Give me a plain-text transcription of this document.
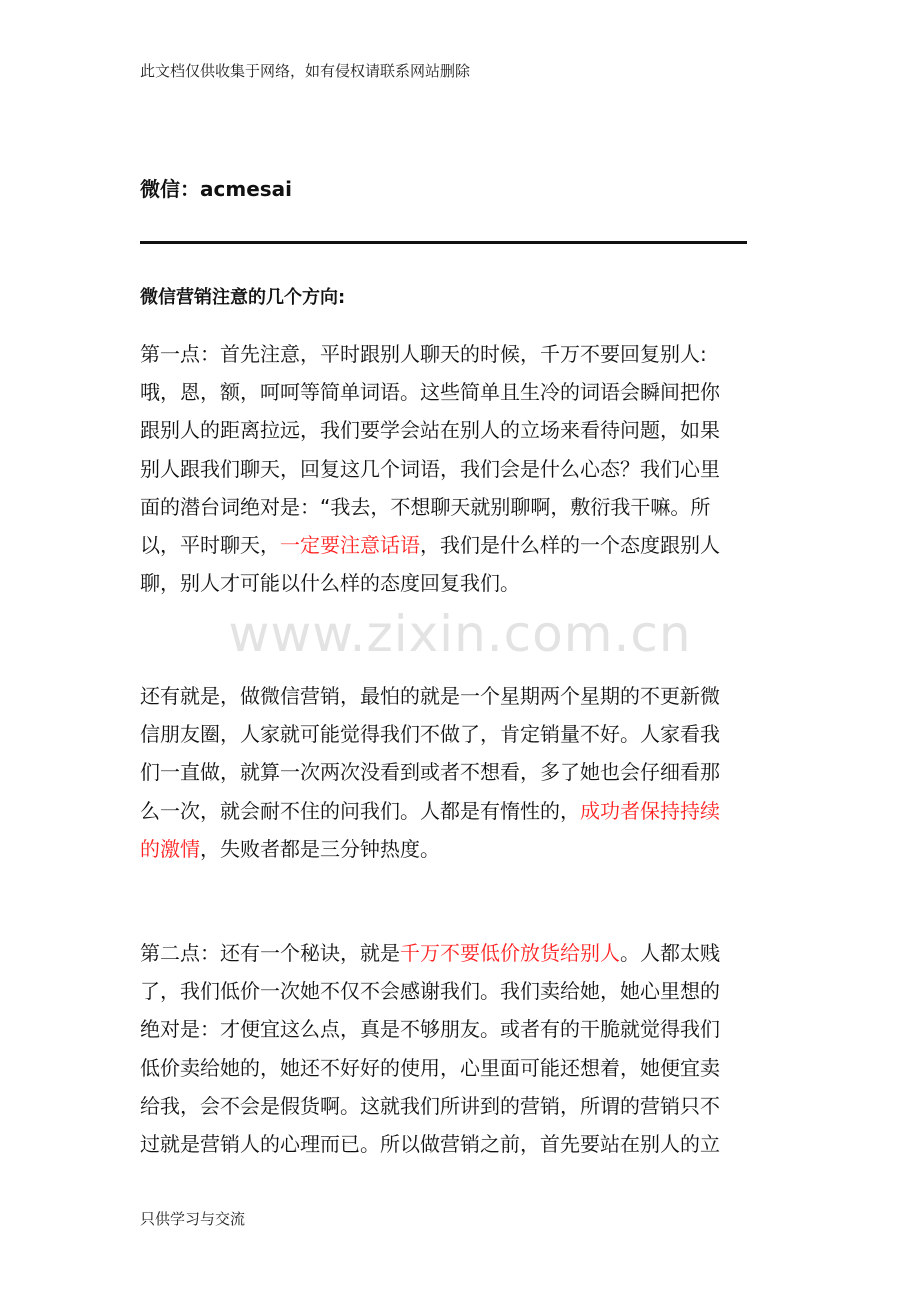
此文档仅供收集于网络，如有侵权请联系网站删除
微信：acmesai
微信营销注意的几个方向:
第一点：首先注意，平时跟别人聊天的时候，千万不要回复别人:
哦，恩，额，呵呵等简单词语。这些简单且生冷的词语会瞬间把你
跟别人的距离拉远，我们要学会站在别人的立场来看待问题，如果
别人跟我们聊天，回复这几个词语，我们会是什么心态？我们心里
面的潜台词绝对是：“我去，不想聊天就别聊啊，敷衍我干嘛。所
以，平时聊天，一定要注意话语，我们是什么样的一个态度跟别人
聊，别人才可能以什么样的态度回复我们。
www.zixin.com.cn
还有就是，做微信营销，最怕的就是一个星期两个星期的不更新微
信朋友圈，人家就可能觉得我们不做了，肯定销量不好。人家看我
们一直做，就算一次两次没看到或者不想看，多了她也会仔细看那
么一次，就会耐不住的问我们。人都是有惰性的，成功者保持持续
的激情，失败者都是三分钟热度。
第二点：还有一个秘诀，就是千万不要低价放货给别人。人都太贱
了，我们低价一次她不仅不会感谢我们。我们卖给她，她心里想的
绝对是：才便宜这么点，真是不够朋友。或者有的干脆就觉得我们
低价卖给她的，她还不好好的使用，心里面可能还想着，她便宜卖
给我，会不会是假货啊。这就我们所讲到的营销，所谓的营销只不
过就是营销人的心理而已。所以做营销之前，首先要站在别人的立
只供学习与交流
